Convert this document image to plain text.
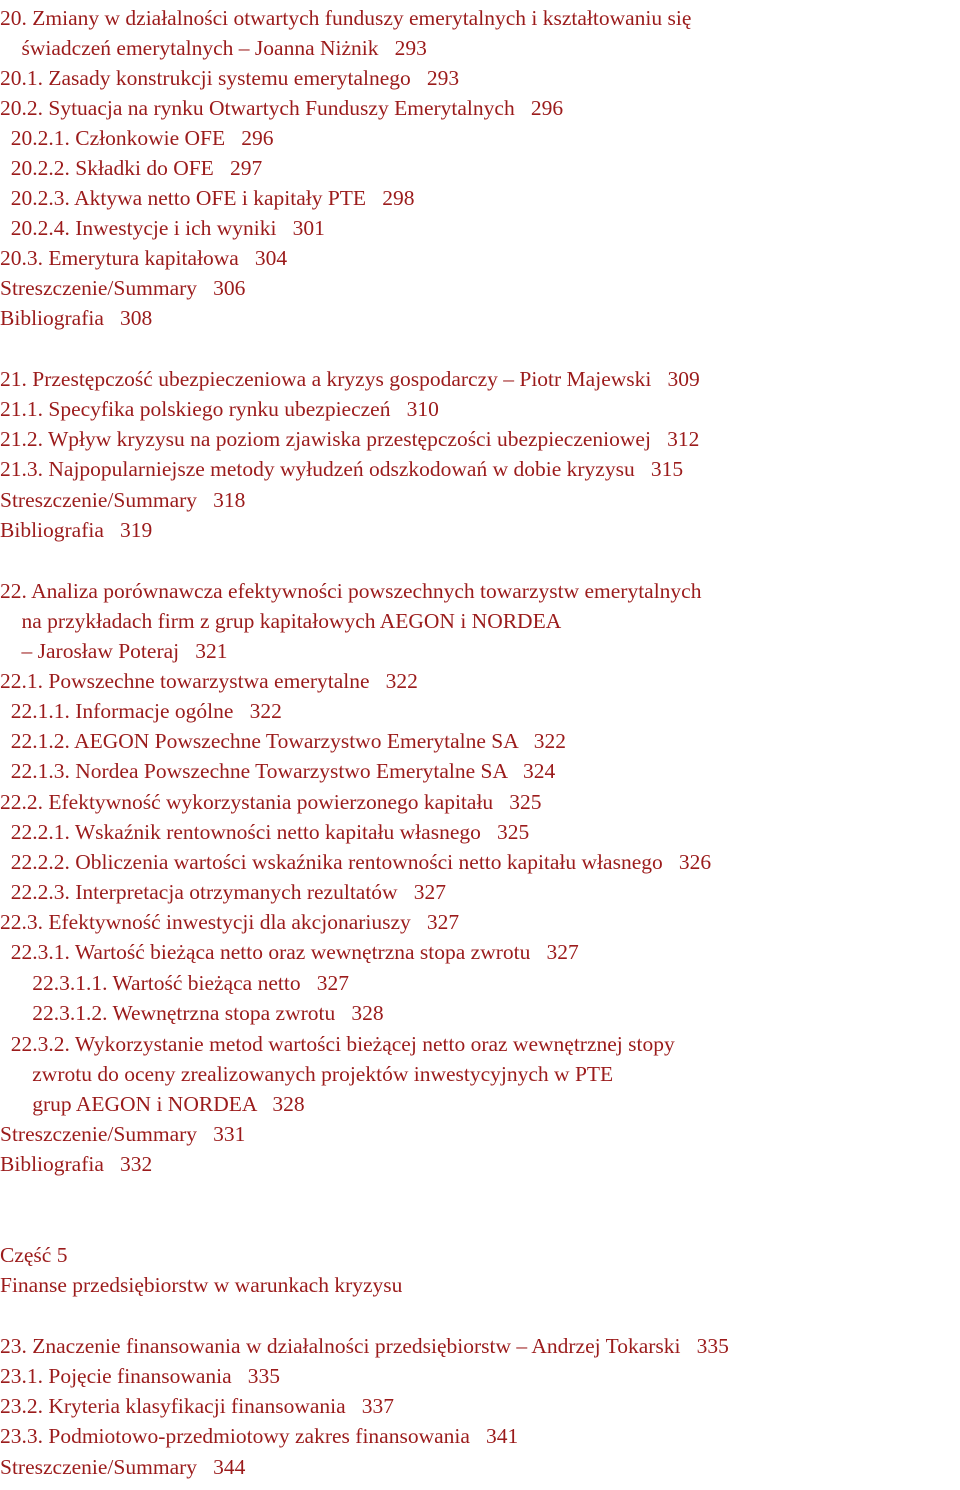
20. Zmiany w działalności otwartych funduszy emerytalnych i kształtowaniu się
świadczeń emerytalnych – Joanna Niżnik   293
20.1. Zasady konstrukcji systemu emerytalnego   293
20.2. Sytuacja na rynku Otwartych Funduszy Emerytalnych   296
20.2.1. Członkowie OFE   296
20.2.2. Składki do OFE   297
20.2.3. Aktywa netto OFE i kapitały PTE   298
20.2.4. Inwestycje i ich wyniki   301
20.3. Emerytura kapitałowa   304
Streszczenie/Summary   306
Bibliografia   308
21. Przestępczość ubezpieczeniowa a kryzys gospodarczy – Piotr Majewski   309
21.1. Specyfika polskiego rynku ubezpieczeń   310
21.2. Wpływ kryzysu na poziom zjawiska przestępczości ubezpieczeniowej   312
21.3. Najpopularniejsze metody wyłudzeń odszkodowań w dobie kryzysu   315
Streszczenie/Summary   318
Bibliografia   319
22. Analiza porównawcza efektywności powszechnych towarzystw emerytalnych
na przykładach firm z grup kapitałowych AEGON i NORDEA
– Jarosław Poteraj   321
22.1. Powszechne towarzystwa emerytalne   322
22.1.1. Informacje ogólne   322
22.1.2. AEGON Powszechne Towarzystwo Emerytalne SA   322
22.1.3. Nordea Powszechne Towarzystwo Emerytalne SA   324
22.2. Efektywność wykorzystania powierzonego kapitału   325
22.2.1. Wskaźnik rentowności netto kapitału własnego   325
22.2.2. Obliczenia wartości wskaźnika rentowności netto kapitału własnego   326
22.2.3. Interpretacja otrzymanych rezultatów   327
22.3. Efektywność inwestycji dla akcjonariuszy   327
22.3.1. Wartość bieżąca netto oraz wewnętrzna stopa zwrotu   327
22.3.1.1. Wartość bieżąca netto   327
22.3.1.2. Wewnętrzna stopa zwrotu   328
22.3.2. Wykorzystanie metod wartości bieżącej netto oraz wewnętrznej stopy
zwrotu do oceny zrealizowanych projektów inwestycyjnych w PTE
grup AEGON i NORDEA   328
Streszczenie/Summary   331
Bibliografia   332
Część 5
Finanse przedsiębiorstw w warunkach kryzysu
23. Znaczenie finansowania w działalności przedsiębiorstw – Andrzej Tokarski   335
23.1. Pojęcie finansowania   335
23.2. Kryteria klasyfikacji finansowania   337
23.3. Podmiotowo-przedmiotowy zakres finansowania   341
Streszczenie/Summary   344
